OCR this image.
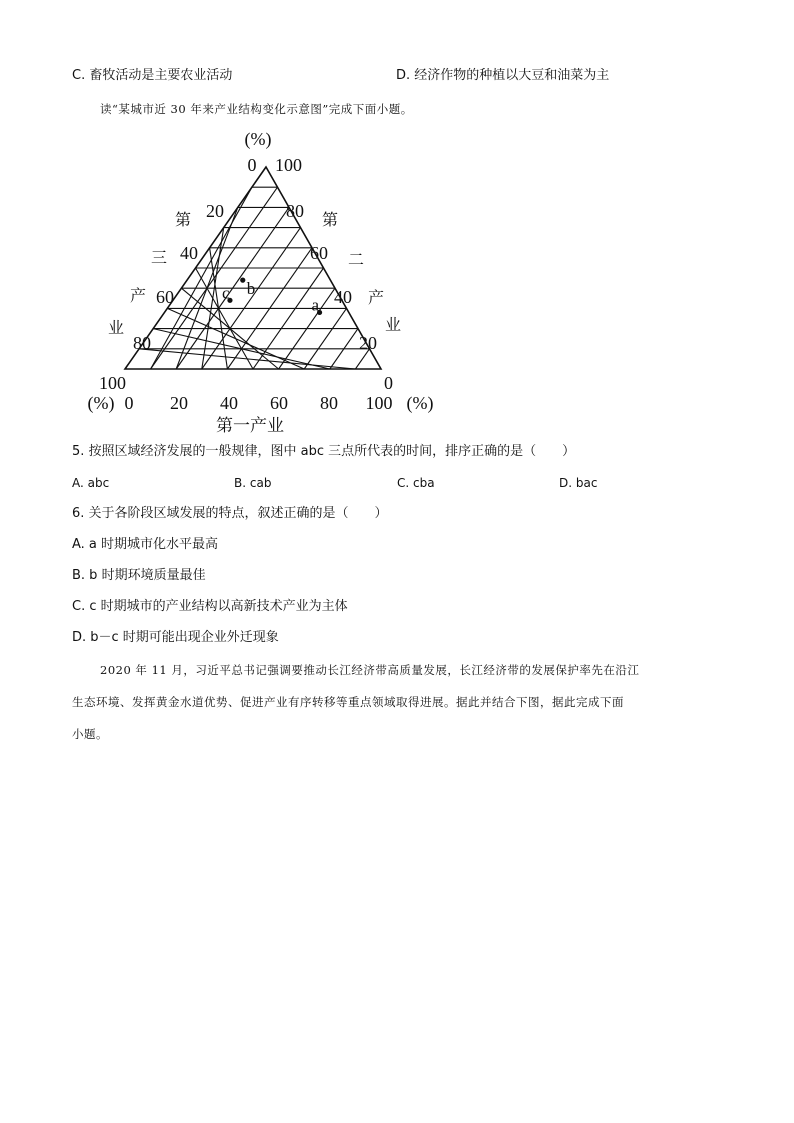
C. 畜牧活动是主要农业活动	D. 经济作物的种植以大豆和油菜为主
读“某城市近 30 年来产业结构变化示意图”完成下面小题。
(%)
0 100
20
40
60
80
100
80
60
40
20
0
第
三
产
业
第
二
产
业
0 20 40 60 80 100
(%)	(%)
第一产业
b
c
a
5. 按照区域经济发展的一般规律，图中 abc 三点所代表的时间，排序正确的是（　　）
A. abc	B. cab	C. cba	D. bac
6. 关于各阶段区域发展的特点，叙述正确的是（　　）
A. a 时期城市化水平最高
B. b 时期环境质量最佳
C. c 时期城市的产业结构以高新技术产业为主体
D. b－c 时期可能出现企业外迁现象
2020 年 11 月，习近平总书记强调要推动长江经济带高质量发展，长江经济带的发展保护率先在沿江
生态环境、发挥黄金水道优势、促进产业有序转移等重点领域取得进展。据此并结合下图，据此完成下面
小题。
